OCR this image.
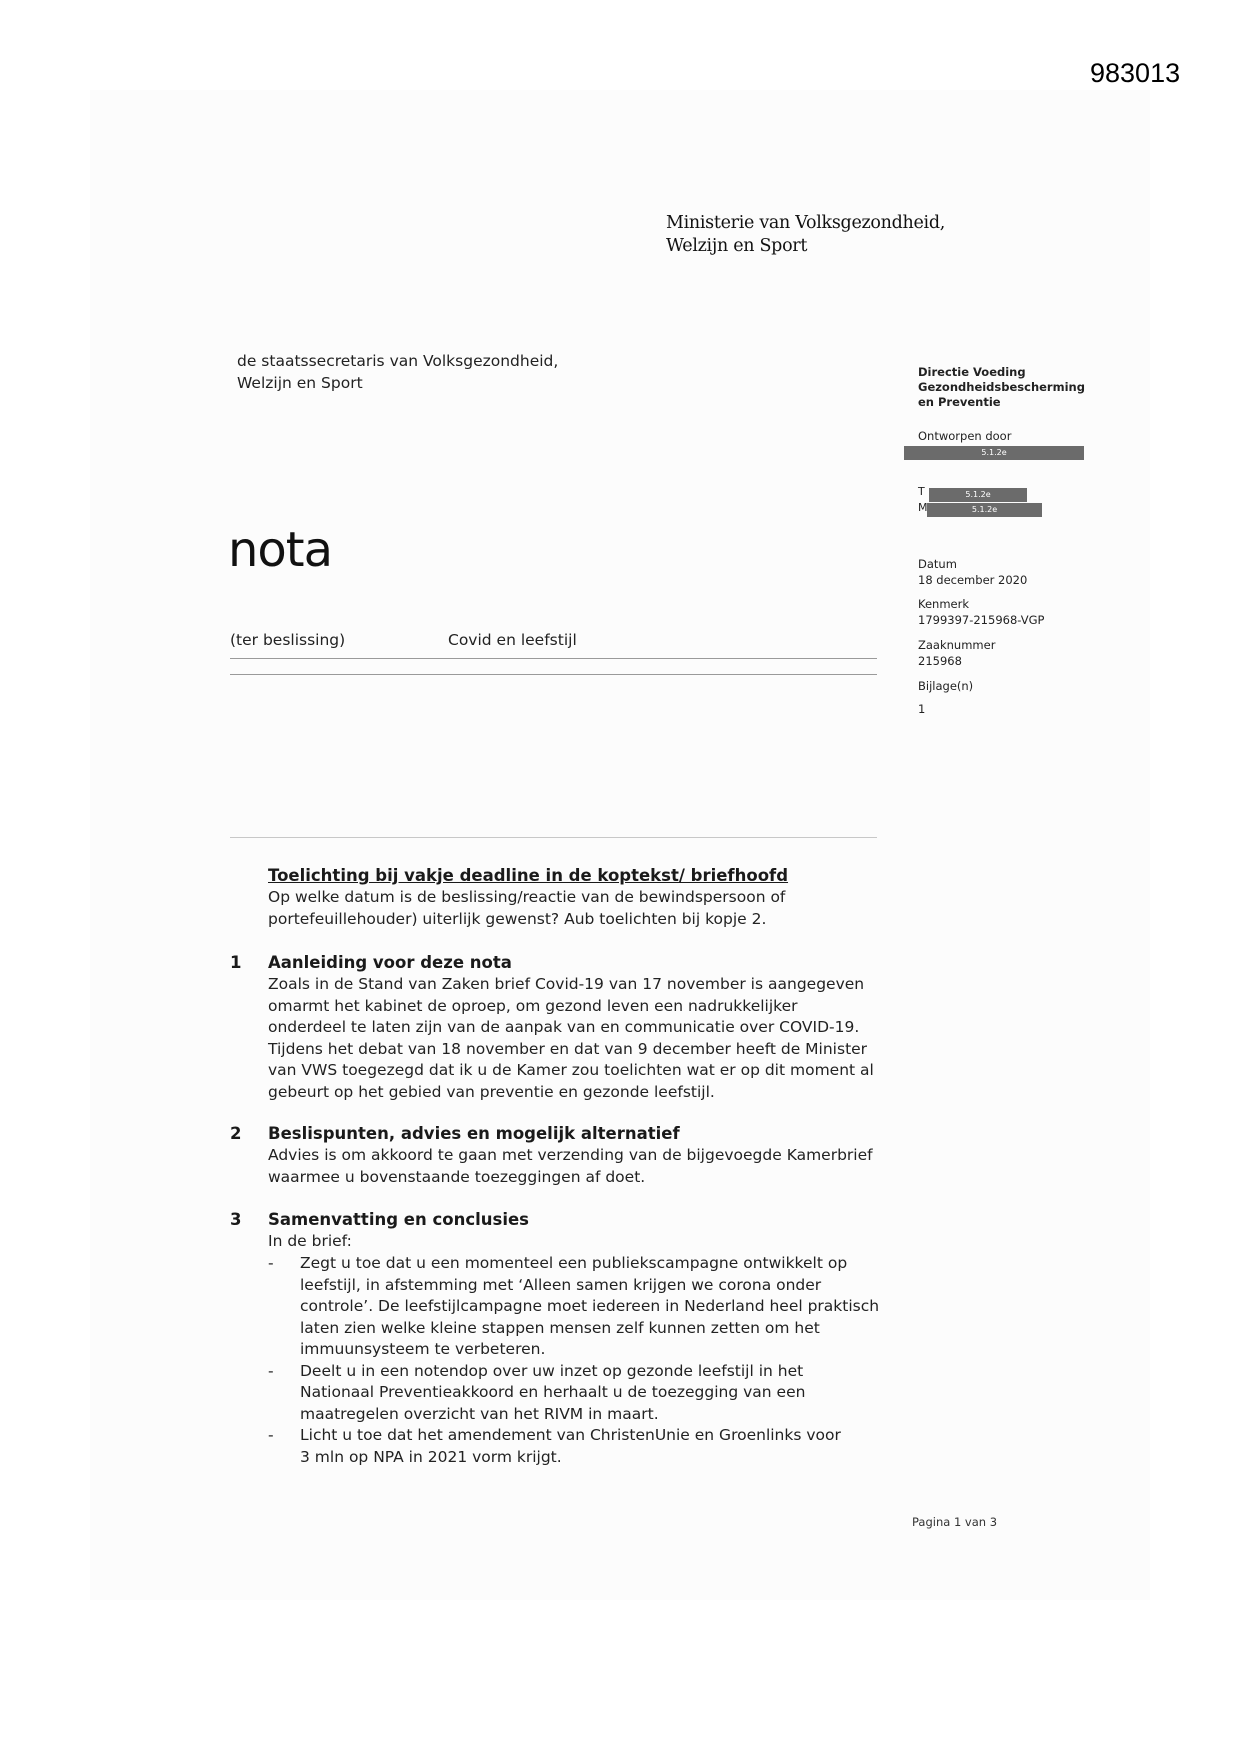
983013
Ministerie van Volksgezondheid,
Welzijn en Sport
de staatssecretaris van Volksgezondheid,
Welzijn en Sport
nota
(ter beslissing)	Covid en leefstijl
Directie Voeding
Gezondheidsbescherming
en Preventie
Ontworpen door
5.1.2e
T	5.1.2e
M	5.1.2e
Datum
18 december 2020
Kenmerk
1799397-215968-VGP
Zaaknummer
215968
Bijlage(n)
1
Toelichting bij vakje deadline in de koptekst/ briefhoofd
Op welke datum is de beslissing/reactie van de bewindspersoon of
portefeuillehouder) uiterlijk gewenst? Aub toelichten bij kopje 2.
1 Aanleiding voor deze nota
Zoals in de Stand van Zaken brief Covid-19 van 17 november is aangegeven
omarmt het kabinet de oproep, om gezond leven een nadrukkelijker
onderdeel te laten zijn van de aanpak van en communicatie over COVID-19.
Tijdens het debat van 18 november en dat van 9 december heeft de Minister
van VWS toegezegd dat ik u de Kamer zou toelichten wat er op dit moment al
gebeurt op het gebied van preventie en gezonde leefstijl.
2 Beslispunten, advies en mogelijk alternatief
Advies is om akkoord te gaan met verzending van de bijgevoegde Kamerbrief
waarmee u bovenstaande toezeggingen af doet.
3 Samenvatting en conclusies
In de brief:
- Zegt u toe dat u een momenteel een publiekscampagne ontwikkelt op
leefstijl, in afstemming met ‘Alleen samen krijgen we corona onder
controle’. De leefstijlcampagne moet iedereen in Nederland heel praktisch
laten zien welke kleine stappen mensen zelf kunnen zetten om het
immuunsysteem te verbeteren.
- Deelt u in een notendop over uw inzet op gezonde leefstijl in het
Nationaal Preventieakkoord en herhaalt u de toezegging van een
maatregelen overzicht van het RIVM in maart.
- Licht u toe dat het amendement van ChristenUnie en Groenlinks voor
3 mln op NPA in 2021 vorm krijgt.
Pagina 1 van 3
